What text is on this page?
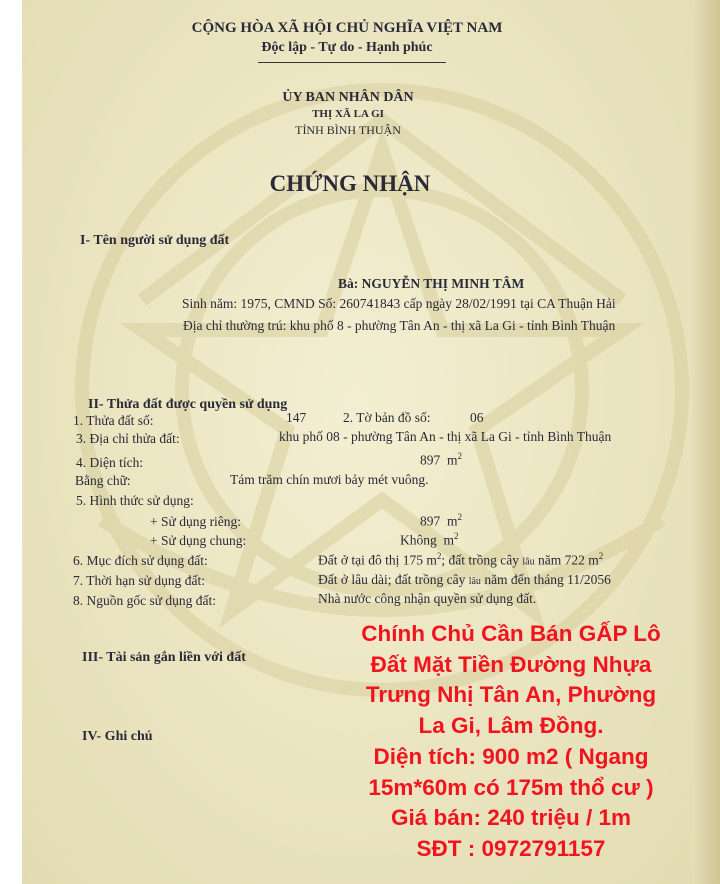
CỘNG HÒA XÃ HỘI CHỦ NGHĨA VIỆT NAM
Độc lập - Tự do - Hạnh phúc
ỦY BAN NHÂN DÂN
THỊ XÃ LA GI
TỈNH BÌNH THUẬN
CHỨNG NHẬN
I- Tên người sử dụng đất
Bà: NGUYỄN THỊ MINH TÂM
Sinh năm: 1975, CMND Số: 260741843 cấp ngày 28/02/1991 tại CA Thuận Hải
Địa chỉ thường trú: khu phố 8 - phường Tân An - thị xã La Gi - tỉnh Bình Thuận
II- Thửa đất được quyền sử dụng
1. Thửa đất số:	147	2. Tờ bản đồ số:	06
3. Địa chỉ thửa đất:	khu phố 08 - phường Tân An - thị xã La Gi - tỉnh Bình Thuận
4. Diện tích:	897 $m^2$
Bằng chữ:	Tám trăm chín mươi bảy mét vuông.
5. Hình thức sử dụng:
+ Sử dụng riêng:	897 $m^2$
+ Sử dụng chung:	Không $m^2$
6. Mục đích sử dụng đất:	Đất ở tại đô thị 175 $m^2$; đất trồng cây lâu năm 722 $m^2$
7. Thời hạn sử dụng đất:	Đất ở lâu dài; đất trồng cây lâu năm đến tháng 11/2056
8. Nguồn gốc sử dụng đất:	Nhà nước công nhận quyền sử dụng đất.
III- Tài sản gắn liền với đất
IV- Ghi chú
Chính Chủ Cần Bán GẤP Lô
Đất Mặt Tiền Đường Nhựa
Trưng Nhị Tân An, Phường
La Gi, Lâm Đồng.
Diện tích: 900 m2 ( Ngang
15m*60m có 175m thổ cư )
Giá bán: 240 triệu / 1m
SĐT : 0972791157
